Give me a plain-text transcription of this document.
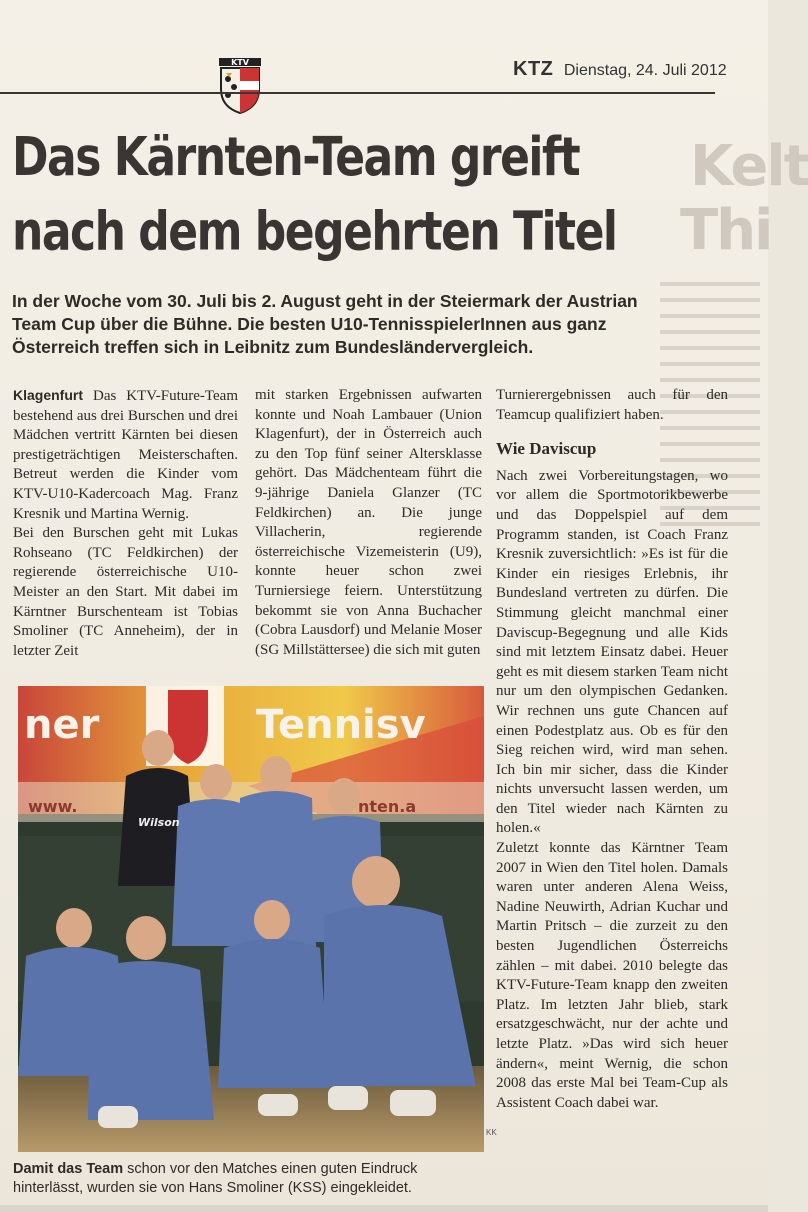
Kelt
Thi
KTV	KTZ Dienstag, 24. Juli 2012
Das Kärnten-Team greift
nach dem begehrten Titel

In der Woche vom 30. Juli bis 2. August geht in der Steiermark der Austrian Team Cup über die Bühne. Die besten U10-TennisspielerInnen aus ganz Österreich treffen sich in Leibnitz zum Bundesländervergleich.

Klagenfurt Das KTV-Future-Team bestehend aus drei Burschen und drei Mädchen vertritt Kärnten bei diesen prestigeträchtigen Meisterschaften. Betreut werden die Kinder vom KTV-U10-Kadercoach Mag. Franz Kresnik und Martina Wernig.

Bei den Burschen geht mit Lukas Rohseano (TC Feldkirchen) der regierende österreichische U10-Meister an den Start. Mit dabei im Kärntner Burschenteam ist Tobias Smoliner (TC Anneheim), der in letzter Zeit

mit starken Ergebnissen aufwarten konnte und Noah Lambauer (Union Klagenfurt), der in Österreich auch zu den Top fünf seiner Altersklasse gehört. Das Mädchenteam führt die 9-jährige Daniela Glanzer (TC Feldkirchen) an. Die junge Villacherin, regierende österreichische Vizemeisterin (U9), konnte heuer schon zwei Turniersiege feiern. Unterstützung bekommt sie von Anna Buchacher (Cobra Lausdorf) und Melanie Moser (SG Millstättersee) die sich mit guten

Turnierergebnissen auch für den Teamcup qualifiziert haben.

Wie Daviscup

Nach zwei Vorbereitungstagen, wo vor allem die Sportmotorikbewerbe und das Doppelspiel auf dem Programm standen, ist Coach Franz Kresnik zuversichtlich: »Es ist für die Kinder ein riesiges Erlebnis, ihr Bundesland vertreten zu dürfen. Die Stimmung gleicht manchmal einer Daviscup-Begegnung und alle Kids sind mit letztem Einsatz dabei. Heuer geht es mit diesem starken Team nicht nur um den olympischen Gedanken. Wir rechnen uns gute Chancen auf einen Podestplatz aus. Ob es für den Sieg reichen wird, wird man sehen. Ich bin mir sicher, dass die Kinder nichts unversucht lassen werden, um den Titel wieder nach Kärnten zu holen.«

Zuletzt konnte das Kärntner Team 2007 in Wien den Titel holen. Damals waren unter anderen Alena Weiss, Nadine Neuwirth, Adrian Kuchar und Martin Pritsch – die zurzeit zu den besten Jugendlichen Österreichs zählen – mit dabei. 2010 belegte das KTV-Future-Team knapp den zweiten Platz. Im letzten Jahr blieb, stark ersatzgeschwächt, nur der achte und letzte Platz. »Das wird sich heuer ändern«, meint Wernig, die schon 2008 das erste Mal bei Team-Cup als Assistent Coach dabei war.

ner	Tennisv
www.	nten.a
Wilson
KK

Damit das Team schon vor den Matches einen guten Eindruck hinterlässt, wurden sie von Hans Smoliner (KSS) eingekleidet.
